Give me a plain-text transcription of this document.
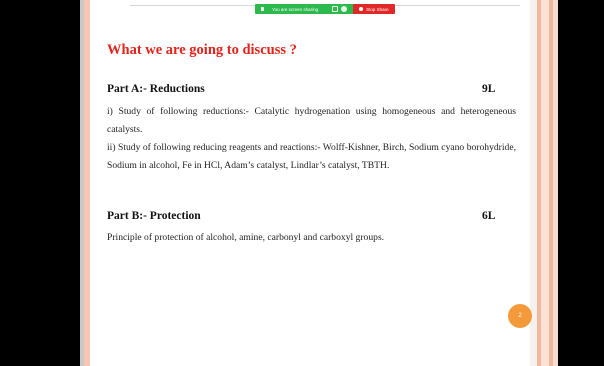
You are screen sharing	Stop Share
What we are going to discuss ?
Part A:- Reductions	9L
i) Study of following reductions:- Catalytic hydrogenation using homogeneous and heterogeneous catalysts.
ii) Study of following reducing reagents and reactions:- Wolff-Kishner, Birch, Sodium cyano borohydride, Sodium in alcohol, Fe in HCl, Adam’s catalyst, Lindlar’s catalyst, TBTH.
Part B:- Protection	6L
Principle of protection of alcohol, amine, carbonyl and carboxyl groups.
2
